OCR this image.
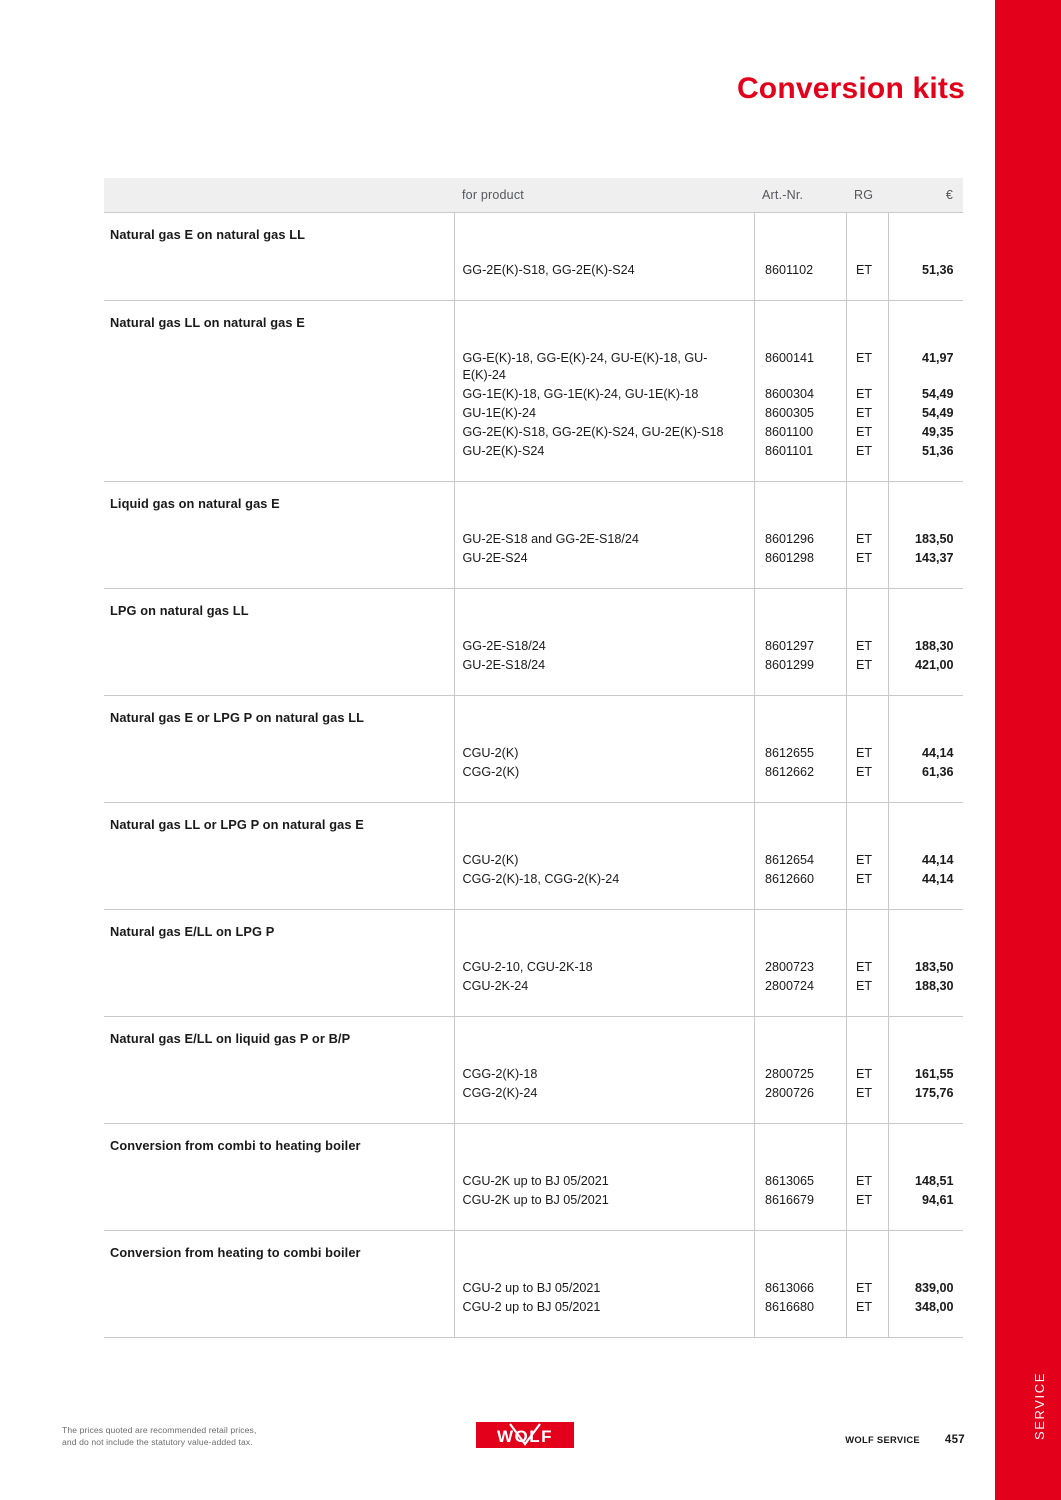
SERVICE
Conversion kits
	for product	Art.-Nr.	RG	€
Natural gas E on natural gas LL	

GG-2E(K)-S18, GG-2E(K)-S24	8601102	ET	51,36

Natural gas LL on natural gas E	

GG-E(K)-18, GG-E(K)-24, GU-E(K)-18, GU-E(K)-24	8600141	ET	41,97
GG-1E(K)-18, GG-1E(K)-24, GU-1E(K)-18	8600304	ET	54,49
GU-1E(K)-24	8600305	ET	54,49
GG-2E(K)-S18, GG-2E(K)-S24, GU-2E(K)-S18	8601100	ET	49,35
GU-2E(K)-S24	8601101	ET	51,36

Liquid gas on natural gas E	

GU-2E-S18 and GG-2E-S18/24	8601296	ET	183,50
GU-2E-S24	8601298	ET	143,37

LPG on natural gas LL	

GG-2E-S18/24	8601297	ET	188,30
GU-2E-S18/24	8601299	ET	421,00

Natural gas E or LPG P on natural gas LL	

CGU-2(K)	8612655	ET	44,14
CGG-2(K)	8612662	ET	61,36

Natural gas LL or LPG P on natural gas E	

CGU-2(K)	8612654	ET	44,14
CGG-2(K)-18, CGG-2(K)-24	8612660	ET	44,14

Natural gas E/LL on LPG P	

CGU-2-10, CGU-2K-18	2800723	ET	183,50
CGU-2K-24	2800724	ET	188,30

Natural gas E/LL on liquid gas P or B/P	

CGG-2(K)-18	2800725	ET	161,55
CGG-2(K)-24	2800726	ET	175,76

Conversion from combi to heating boiler	

CGU-2K up to BJ 05/2021	8613065	ET	148,51
CGU-2K up to BJ 05/2021	8616679	ET	94,61

Conversion from heating to combi boiler	

CGU-2 up to BJ 05/2021	8613066	ET	839,00
CGU-2 up to BJ 05/2021	8616680	ET	348,00

The prices quoted are recommended retail prices,
and do not include the statutory value-added tax.	WOLF	WOLF SERVICE 457
